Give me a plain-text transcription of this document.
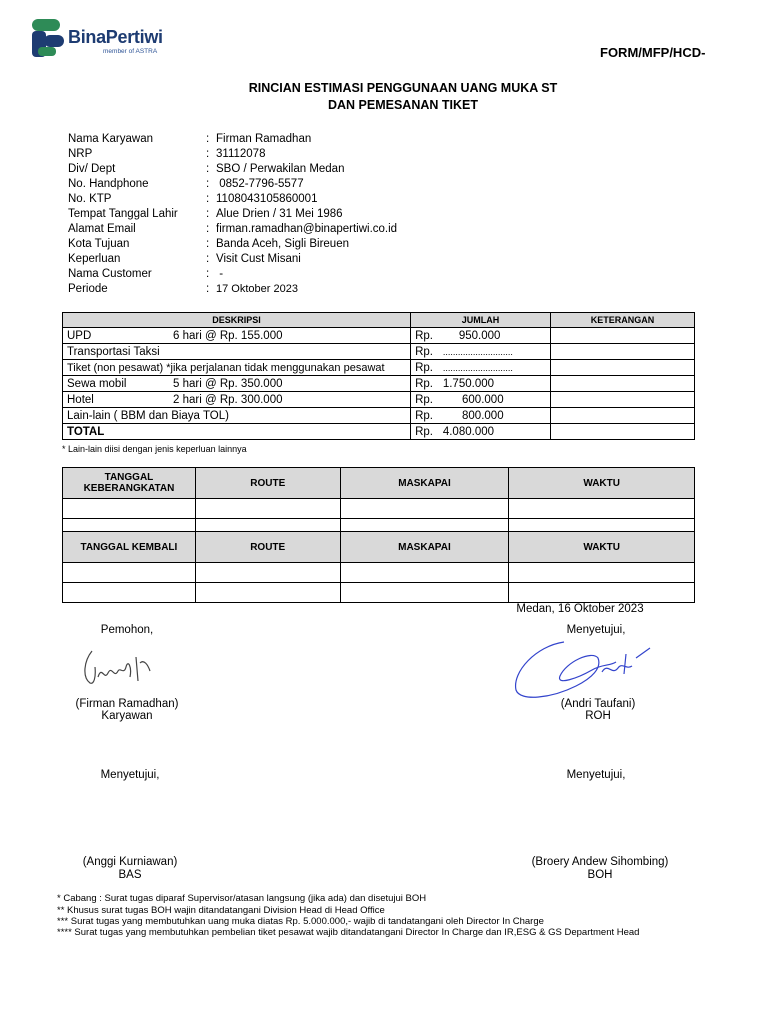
BinaPertiwi
member of ASTRA	FORM/MFP/HCD-
RINCIAN ESTIMASI PENGGUNAAN UANG MUKA ST
DAN PEMESANAN TIKET
Nama Karyawan	: Firman Ramadhan
NRP	: 31112078
Div/ Dept	: SBO / Perwakilan Medan
No. Handphone	: 0852-7796-5577
No. KTP	: 1108043105860001
Tempat Tanggal Lahir : Alue Drien / 31 Mei 1986
Alamat Email	: firman.ramadhan@binapertiwi.co.id
Kota Tujuan	: Banda Aceh, Sigli Bireuen
Keperluan	: Visit Cust Misani
Nama Customer	: -
Periode	: 17 Oktober 2023
DESKRIPSI	JUMLAH		KETERANGAN
UPD 6 hari @ Rp. 155.000	Rp.	950.000	
Transportasi Taksi	Rp.	............................	
Tiket (non pesawat) *jika perjalanan tidak menggunakan pesawat	Rp.	............................	
Sewa mobil 5 hari @ Rp. 350.000	Rp.	1.750.000	
Hotel 2 hari @ Rp. 300.000	Rp.	600.000	
Lain-lain ( BBM dan Biaya TOL)	Rp.	800.000	
TOTAL	Rp.	4.080.000	
* Lain-lain diisi dengan jenis keperluan lainnya
TANGGAL KEBERANGKATAN	ROUTE	MASKAPAI	WAKTU

TANGGAL KEMBALI	ROUTE	MASKAPAI	WAKTU

Medan, 16 Oktober 2023
Pemohon,
(Firman Ramadhan)
Karyawan
Menyetujui,
(Andri Taufani)
ROH
Menyetujui,
(Anggi Kurniawan)
BAS
Menyetujui,
(Broery Andew Sihombing)
BOH
* Cabang : Surat tugas diparaf Supervisor/atasan langsung (jika ada) dan disetujui BOH
** Khusus surat tugas BOH wajin ditandatangani Division Head di Head Office
*** Surat tugas yang membutuhkan uang muka diatas Rp. 5.000.000,- wajib di tandatangani oleh Director In Charge
**** Surat tugas yang membutuhkan pembelian tiket pesawat wajib ditandatangani Director In Charge dan IR,ESG & GS Department Head
